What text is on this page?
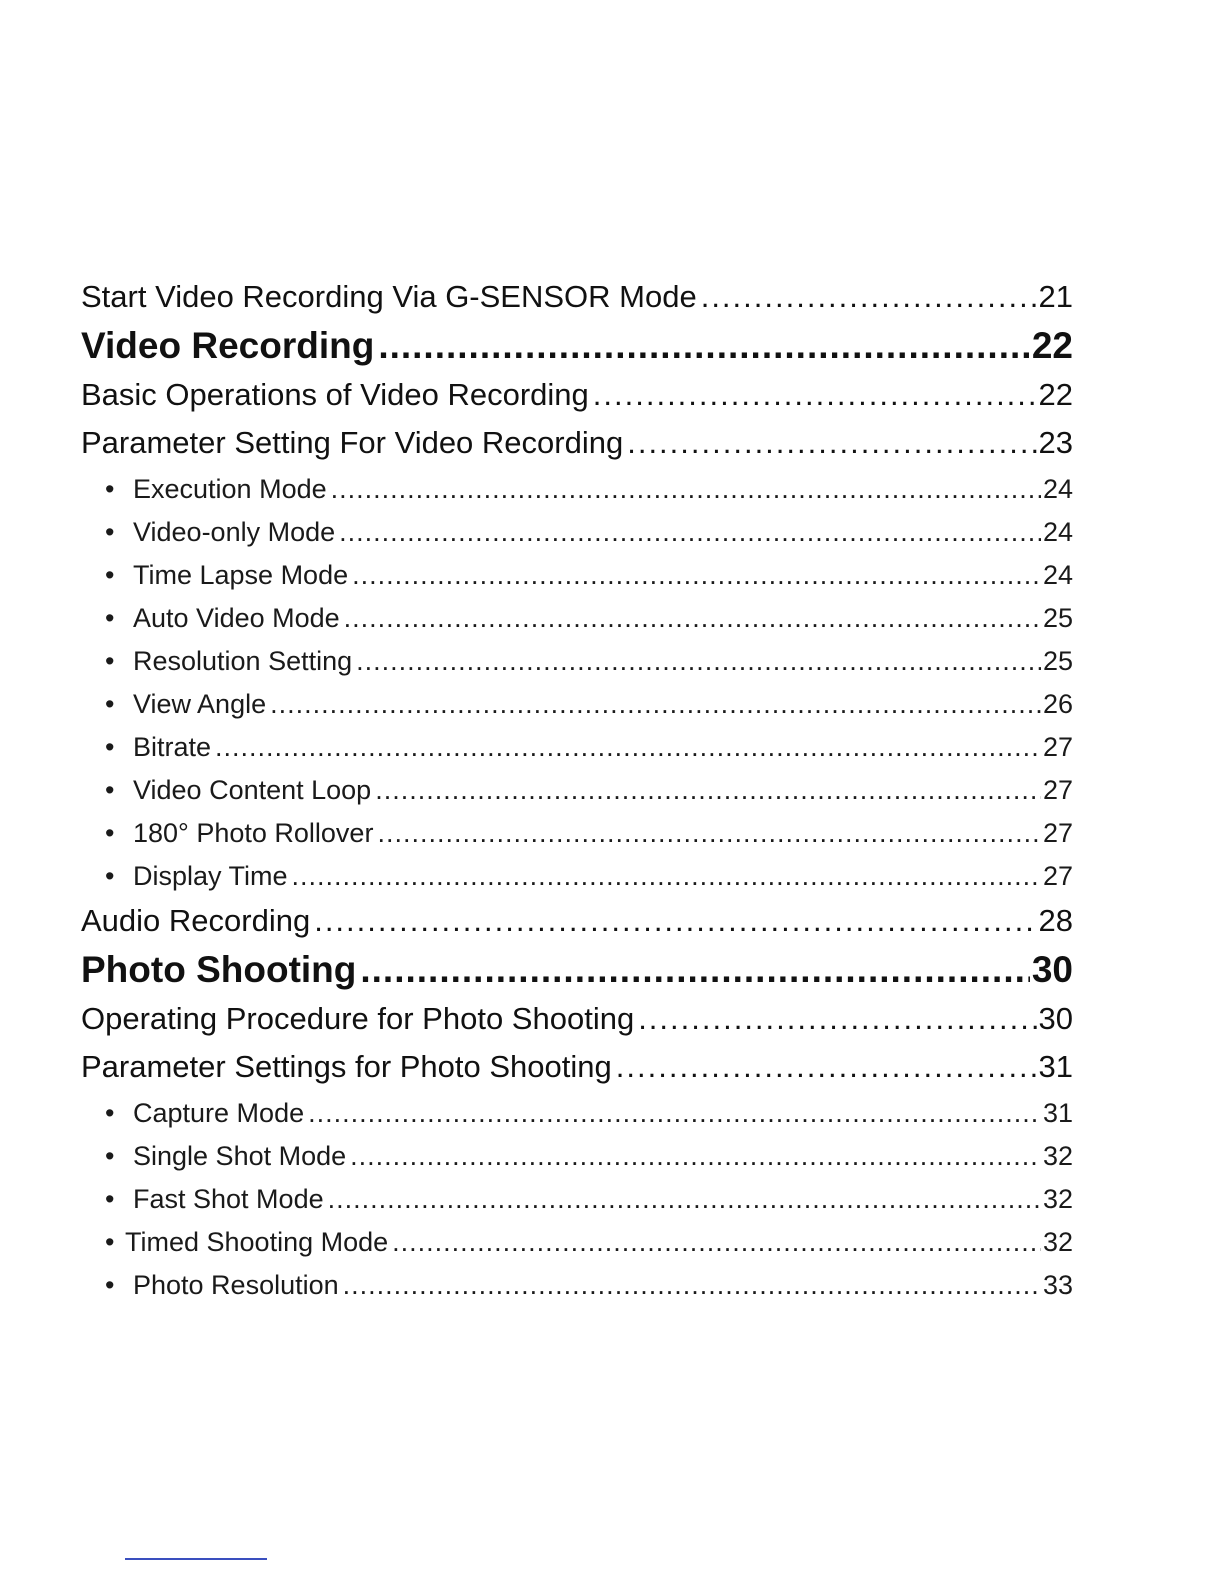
Start Video Recording Via G-SENSOR Mode .....	21
Video Recording .....	22
Basic Operations of Video Recording .....	22
Parameter Setting For Video Recording .....	23
• Execution Mode .....	24
• Video-only Mode .....	24
• Time Lapse Mode .....	24
• Auto Video Mode .....	25
• Resolution Setting .....	25
• View Angle .....	26
• Bitrate .....	27
• Video Content Loop .....	27
• 180° Photo Rollover .....	27
• Display Time .....	27
Audio Recording .....	28
Photo Shooting .....	30
Operating Procedure for Photo Shooting .....	30
Parameter Settings for Photo Shooting .....	31
• Capture Mode .....	31
• Single Shot Mode .....	32
• Fast Shot Mode .....	32
• Timed Shooting Mode .....	32
• Photo Resolution .....	33
